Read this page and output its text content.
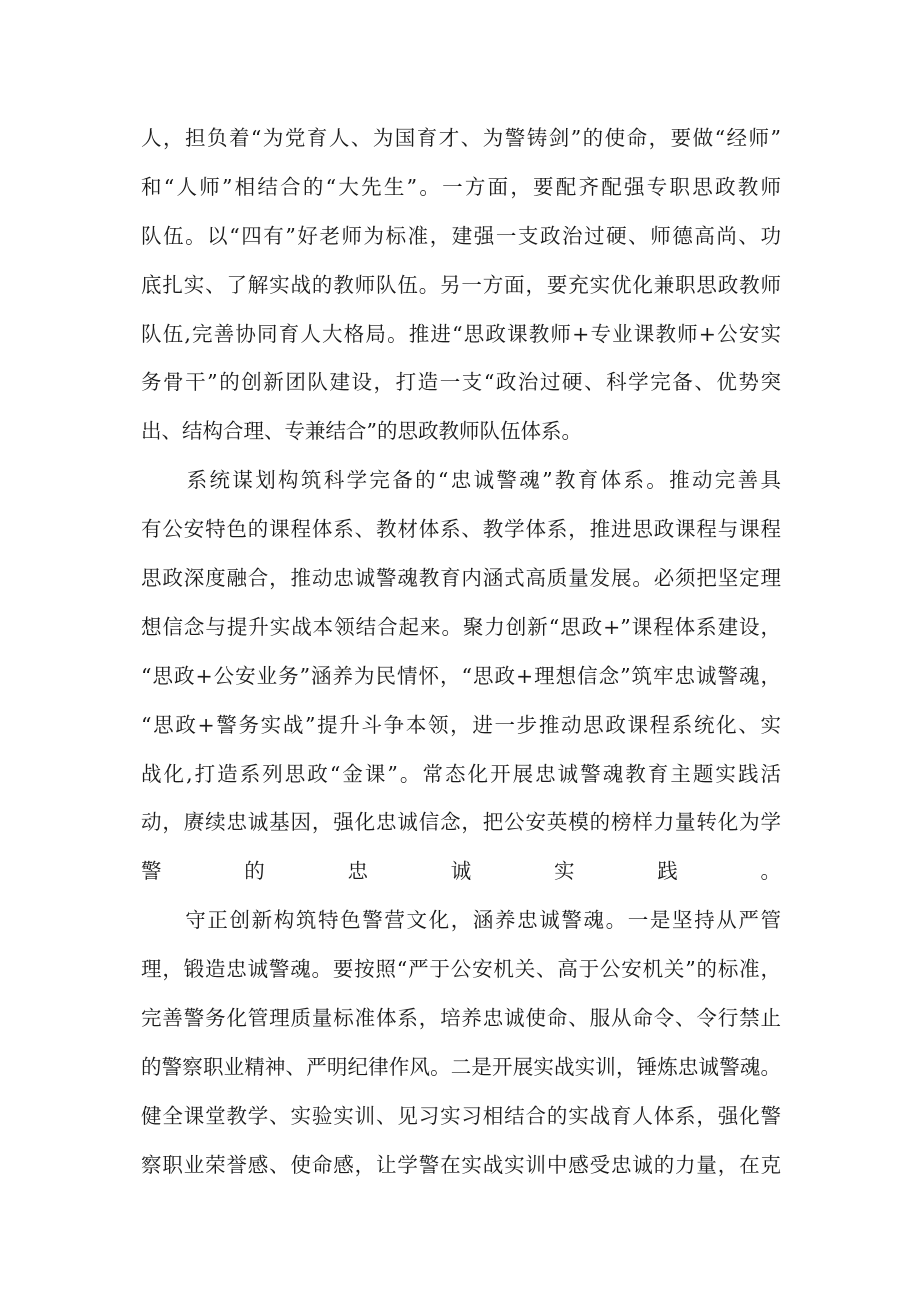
人，担负着“为党育人、为国育才、为警铸剑”的使命，要做“经师”
和“人师”相结合的“大先生”。一方面，要配齐配强专职思政教师
队伍。以“四有”好老师为标准，建强一支政治过硬、师德高尚、功
底扎实、了解实战的教师队伍。另一方面，要充实优化兼职思政教师
队伍,完善协同育人大格局。推进“思政课教师+专业课教师+公安实
务骨干”的创新团队建设，打造一支“政治过硬、科学完备、优势突
出、结构合理、专兼结合”的思政教师队伍体系。
　　系统谋划构筑科学完备的“忠诚警魂”教育体系。推动完善具
有公安特色的课程体系、教材体系、教学体系，推进思政课程与课程
思政深度融合，推动忠诚警魂教育内涵式高质量发展。必须把坚定理
想信念与提升实战本领结合起来。聚力创新“思政+”课程体系建设，
“思政+公安业务”涵养为民情怀，“思政+理想信念”筑牢忠诚警魂，
“思政+警务实战”提升斗争本领，进一步推动思政课程系统化、实
战化,打造系列思政“金课”。常态化开展忠诚警魂教育主题实践活
动，赓续忠诚基因，强化忠诚信念，把公安英模的榜样力量转化为学
警的忠诚实践。
　　守正创新构筑特色警营文化，涵养忠诚警魂。一是坚持从严管
理，锻造忠诚警魂。要按照“严于公安机关、高于公安机关”的标准，
完善警务化管理质量标准体系，培养忠诚使命、服从命令、令行禁止
的警察职业精神、严明纪律作风。二是开展实战实训，锤炼忠诚警魂。
健全课堂教学、实验实训、见习实习相结合的实战育人体系，强化警
察职业荣誉感、使命感，让学警在实战实训中感受忠诚的力量，在克
